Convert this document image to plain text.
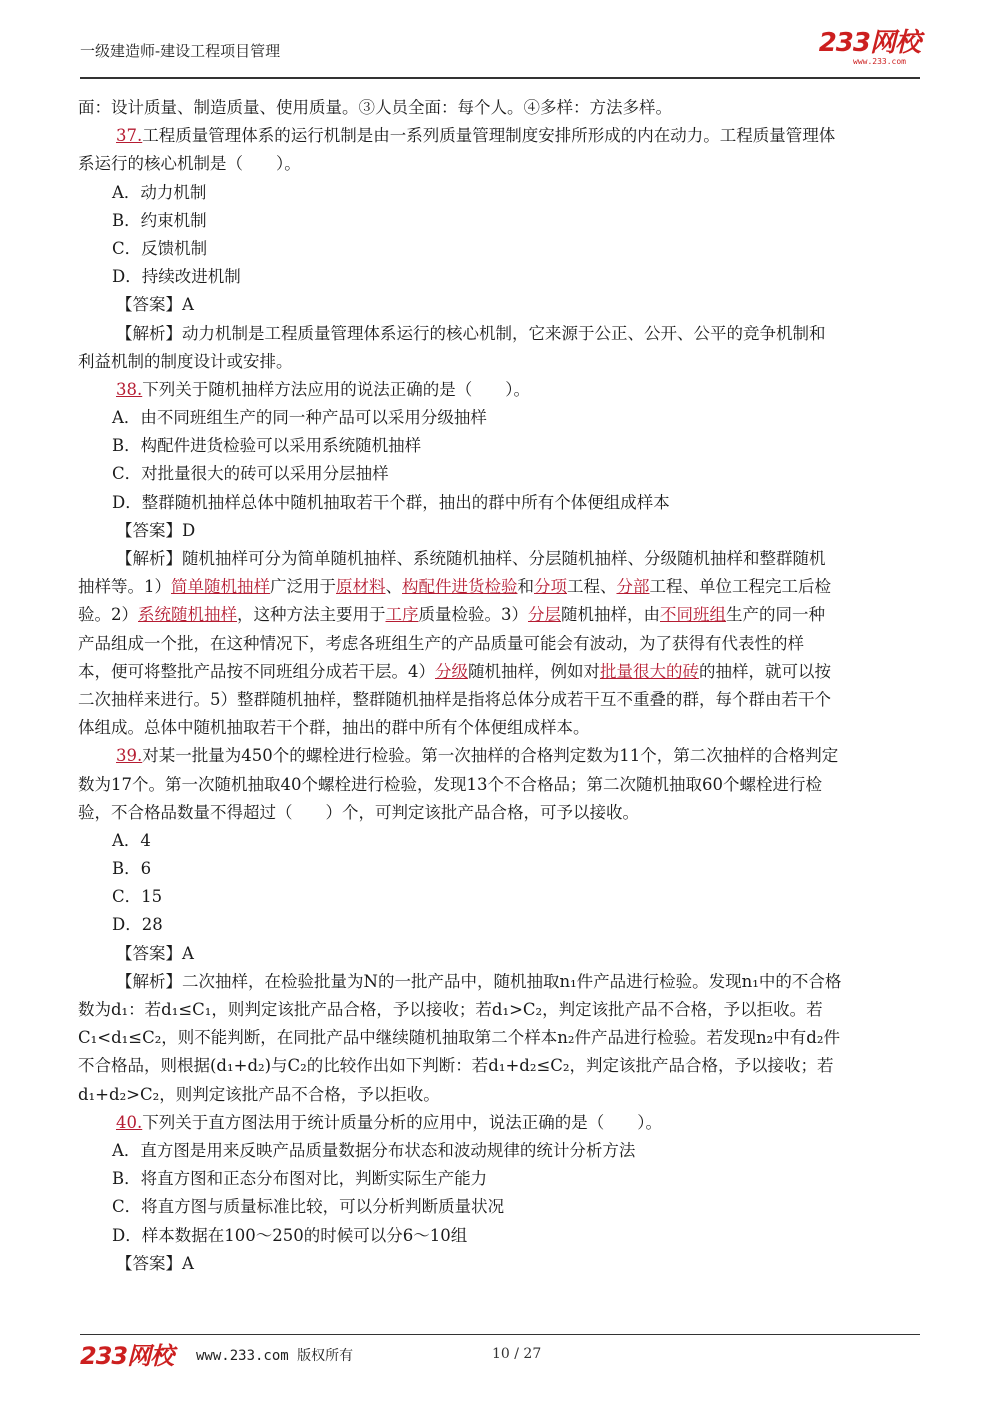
一级建造师-建设工程项目管理	233网校
www.233.com
面：设计质量、制造质量、使用质量。③人员全面：每个人。④多样：方法多样。
37.工程质量管理体系的运行机制是由一系列质量管理制度安排所形成的内在动力。工程质量管理体
系运行的核心机制是（　　）。
A．动力机制
B．约束机制
C．反馈机制
D．持续改进机制
【答案】A
【解析】动力机制是工程质量管理体系运行的核心机制，它来源于公正、公开、公平的竞争机制和
利益机制的制度设计或安排。
38.下列关于随机抽样方法应用的说法正确的是（　　）。
A．由不同班组生产的同一种产品可以采用分级抽样
B．构配件进货检验可以采用系统随机抽样
C．对批量很大的砖可以采用分层抽样
D．整群随机抽样总体中随机抽取若干个群，抽出的群中所有个体便组成样本
【答案】D
【解析】随机抽样可分为简单随机抽样、系统随机抽样、分层随机抽样、分级随机抽样和整群随机
抽样等。1）简单随机抽样广泛用于原材料、构配件进货检验和分项工程、分部工程、单位工程完工后检
验。2）系统随机抽样，这种方法主要用于工序质量检验。3）分层随机抽样，由不同班组生产的同一种
产品组成一个批，在这种情况下，考虑各班组生产的产品质量可能会有波动，为了获得有代表性的样
本，便可将整批产品按不同班组分成若干层。4）分级随机抽样，例如对批量很大的砖的抽样，就可以按
二次抽样来进行。5）整群随机抽样，整群随机抽样是指将总体分成若干互不重叠的群，每个群由若干个
体组成。总体中随机抽取若干个群，抽出的群中所有个体便组成样本。
39.对某一批量为450个的螺栓进行检验。第一次抽样的合格判定数为11个，第二次抽样的合格判定
数为17个。第一次随机抽取40个螺栓进行检验，发现13个不合格品；第二次随机抽取60个螺栓进行检
验，不合格品数量不得超过（　　）个，可判定该批产品合格，可予以接收。
A．4
B．6
C．15
D．28
【答案】A
【解析】二次抽样，在检验批量为N的一批产品中，随机抽取n₁件产品进行检验。发现n₁中的不合格
数为d₁：若d₁≤C₁，则判定该批产品合格，予以接收；若d₁>C₂，判定该批产品不合格，予以拒收。若
C₁<d₁≤C₂，则不能判断，在同批产品中继续随机抽取第二个样本n₂件产品进行检验。若发现n₂中有d₂件
不合格品，则根据(d₁+d₂)与C₂的比较作出如下判断：若d₁+d₂≤C₂，判定该批产品合格，予以接收；若
d₁+d₂>C₂，则判定该批产品不合格，予以拒收。
40.下列关于直方图法用于统计质量分析的应用中，说法正确的是（　　）。
A．直方图是用来反映产品质量数据分布状态和波动规律的统计分析方法
B．将直方图和正态分布图对比，判断实际生产能力
C．将直方图与质量标准比较，可以分析判断质量状况
D．样本数据在100～250的时候可以分6～10组
【答案】A
233网校 www.233.com 版权所有	10 / 27
